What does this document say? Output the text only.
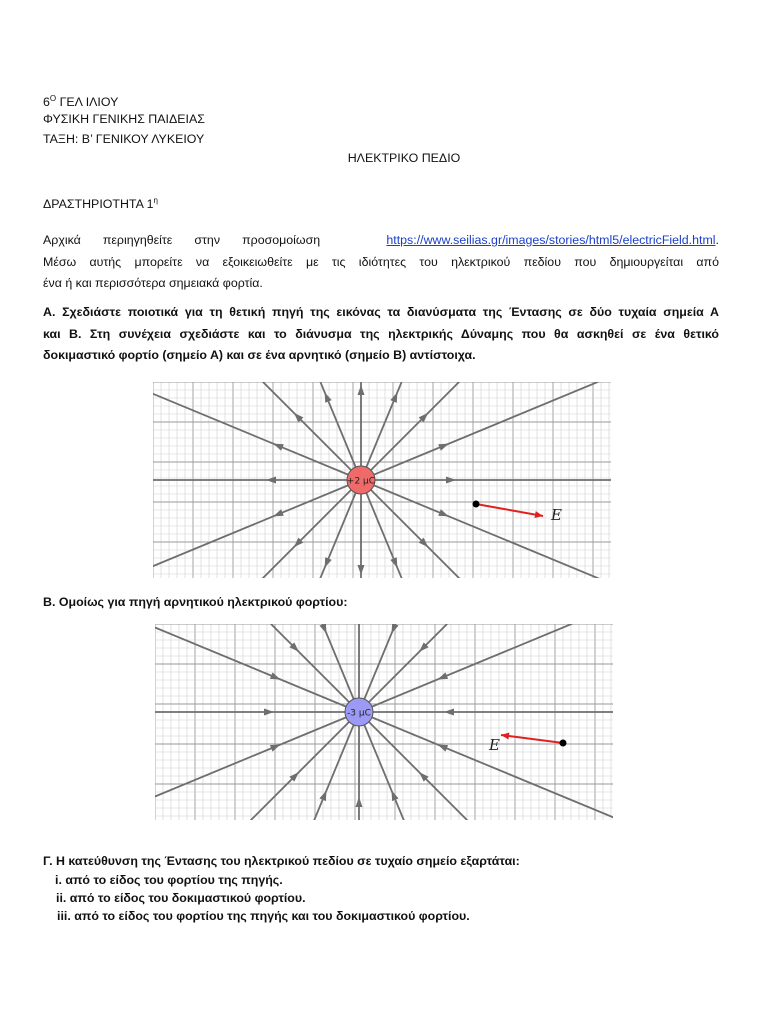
$6^O$ ΓΕΛ ΙΛΙΟΥ
ΦΥΣΙΚΗ ΓΕΝΙΚΗΣ ΠΑΙΔΕΙΑΣ
ΤΑΞΗ: Β’ ΓΕΝΙΚΟΥ ΛΥΚΕΙΟΥ
ΗΛΕΚΤΡΙΚΟ ΠΕΔΙΟ
ΔΡΑΣΤΗΡΙΟΤΗΤΑ $1^\eta$
Αρχικά περιηγηθείτε στην προσομοίωση	https://www.seilias.gr/images/stories/html5/electricField.html.
Μέσω αυτής μπορείτε να εξοικειωθείτε με τις ιδιότητες του ηλεκτρικού πεδίου που δημιουργείται από
ένα ή και περισσότερα σημειακά φορτία.
Α. Σχεδιάστε ποιοτικά για τη θετική πηγή της εικόνας τα διανύσματα της Έντασης σε δύο τυχαία σημεία Α
και Β. Στη συνέχεια σχεδιάστε και το διάνυσμα της ηλεκτρικής Δύναμης που θα ασκηθεί σε ένα θετικό
δοκιμαστικό φορτίο (σημείο Α) και σε ένα αρνητικό (σημείο Β) αντίστοιχα.
+2 μC
E
Β. Ομοίως για πηγή αρνητικού ηλεκτρικού φορτίου:
-3 μC
E
Γ. Η κατεύθυνση της Έντασης του ηλεκτρικού πεδίου σε τυχαίο σημείο εξαρτάται:
i. από το είδος του φορτίου της πηγής.
ii. από το είδος του δοκιμαστικού φορτίου.
iii. από το είδος του φορτίου της πηγής και του δοκιμαστικού φορτίου.
